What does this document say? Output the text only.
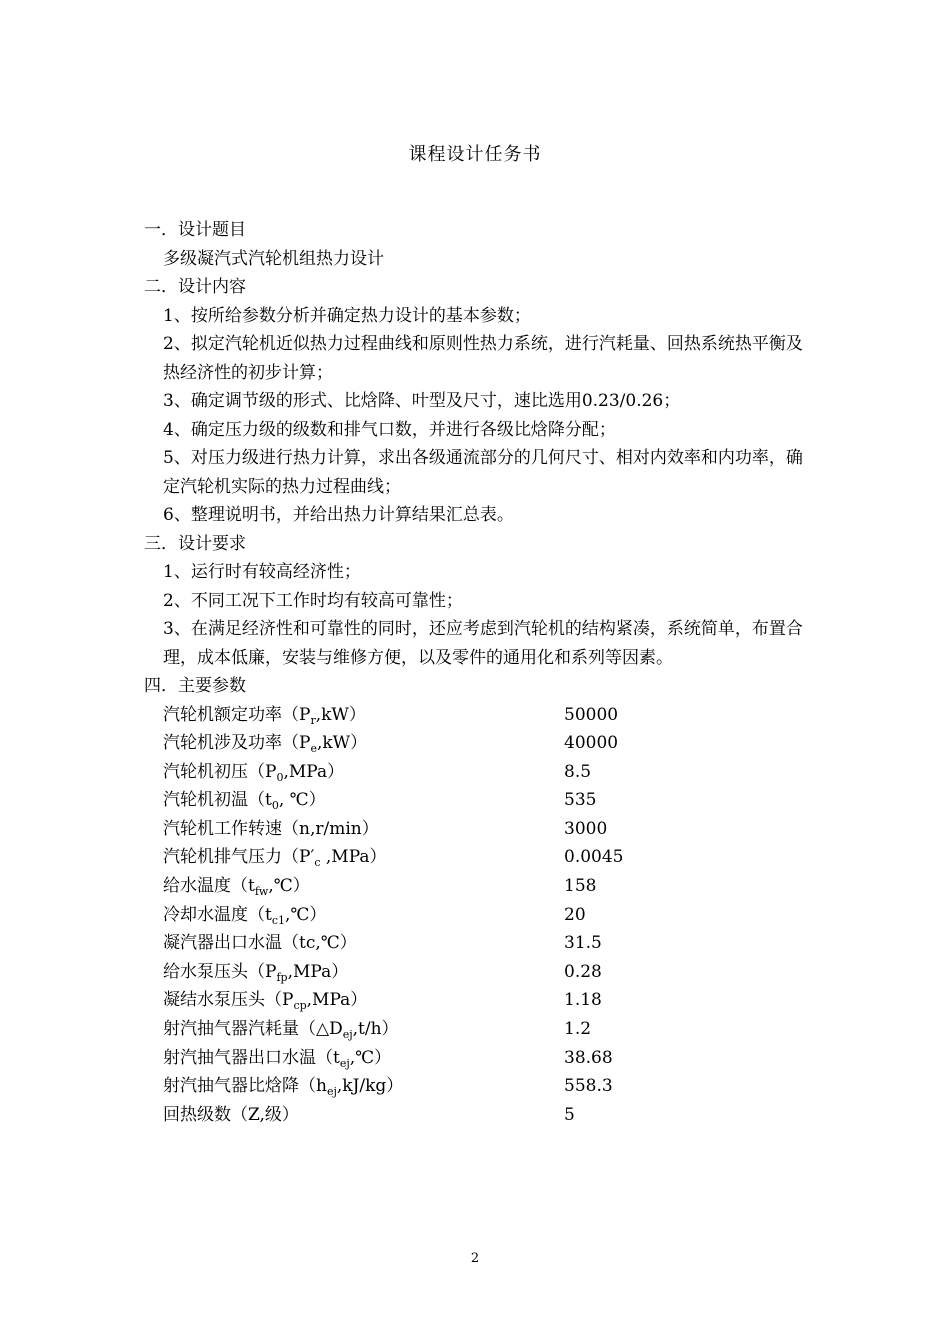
课程设计任务书
一．设计题目
多级凝汽式汽轮机组热力设计
二．设计内容
1、按所给参数分析并确定热力设计的基本参数；
2、拟定汽轮机近似热力过程曲线和原则性热力系统，进行汽耗量、回热系统热平衡及热经济性的初步计算；
3、确定调节级的形式、比焓降、叶型及尺寸，速比选用0.23/0.26；
4、确定压力级的级数和排气口数，并进行各级比焓降分配；
5、对压力级进行热力计算，求出各级通流部分的几何尺寸、相对内效率和内功率，确定汽轮机实际的热力过程曲线；
6、整理说明书，并给出热力计算结果汇总表。
三．设计要求
1、运行时有较高经济性；
2、不同工况下工作时均有较高可靠性；
3、在满足经济性和可靠性的同时，还应考虑到汽轮机的结构紧凑，系统简单，布置合理，成本低廉，安装与维修方便，以及零件的通用化和系列等因素。
四．主要参数
汽轮机额定功率$(P_r,kW)$	50000
汽轮机涉及功率$(P_e,kW)$	40000
汽轮机初压$(P_0,MPa)$	8.5
汽轮机初温（$t_0$, ℃）	535
汽轮机工作转速（n,r/min）	3000
汽轮机排气压力（$P'_c$ ,MPa）	0.0045
给水温度$(t_{fw},℃)$	158
冷却水温度$(t_{c1},℃)$	20
凝汽器出口水温（tc,℃）	31.5
给水泵压头$(P_{fp},MPa)$	0.28
凝结水泵压头$(P_{cp},MPa)$	1.18
射汽抽气器汽耗量$(\triangle D_{ej},t/h)$	1.2
射汽抽气器出口水温$(t_{ej},℃)$	38.68
射汽抽气器比焓降$(h_{ej},kJ/kg)$	558.3
回热级数（Z,级）	5
2
